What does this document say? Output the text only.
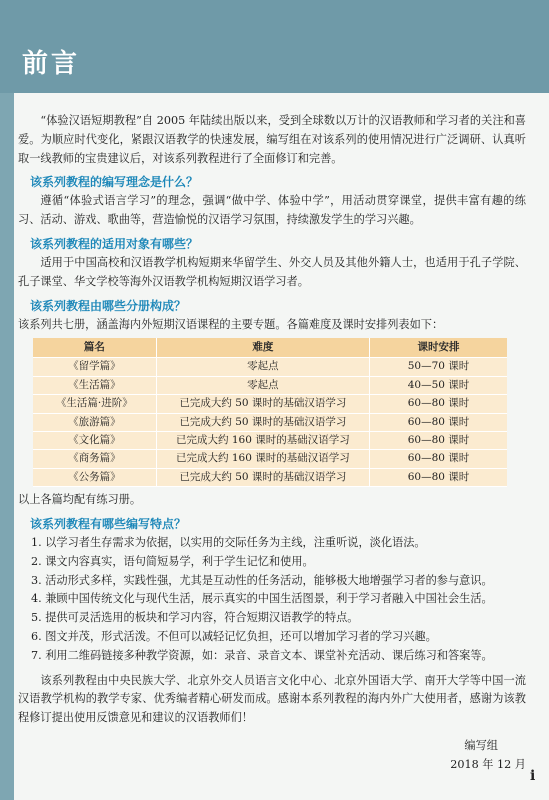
前言

“体验汉语短期教程”自 2005 年陆续出版以来，受到全球数以万计的汉语教师和学习者的关注和喜爱。为顺应时代变化，紧跟汉语教学的快速发展，编写组在对该系列的使用情况进行广泛调研、认真听取一线教师的宝贵建议后，对该系列教程进行了全面修订和完善。

该系列教程的编写理念是什么？

遵循“体验式语言学习”的理念，强调“做中学、体验中学”，用活动贯穿课堂，提供丰富有趣的练习、活动、游戏、歌曲等，营造愉悦的汉语学习氛围，持续激发学生的学习兴趣。

该系列教程的适用对象有哪些？

适用于中国高校和汉语教学机构短期来华留学生、外交人员及其他外籍人士，也适用于孔子学院、孔子课堂、华文学校等海外汉语教学机构短期汉语学习者。

该系列教程由哪些分册构成？

该系列共七册，涵盖海内外短期汉语课程的主要专题。各篇难度及课时安排列表如下：

篇名	难度	课时安排
《留学篇》	零起点	50—70 课时
《生活篇》	零起点	40—50 课时
《生活篇·进阶》	已完成大约 50 课时的基础汉语学习	60—80 课时
《旅游篇》	已完成大约 50 课时的基础汉语学习	60—80 课时
《文化篇》	已完成大约 160 课时的基础汉语学习	60—80 课时
《商务篇》	已完成大约 160 课时的基础汉语学习	60—80 课时
《公务篇》	已完成大约 50 课时的基础汉语学习	60—80 课时

以上各篇均配有练习册。

该系列教程有哪些编写特点？
1. 以学习者生存需求为依据，以实用的交际任务为主线，注重听说，淡化语法。
2. 课文内容真实，语句简短易学，利于学生记忆和使用。
3. 活动形式多样，实践性强，尤其是互动性的任务活动，能够极大地增强学习者的参与意识。
4. 兼顾中国传统文化与现代生活，展示真实的中国生活图景，利于学习者融入中国社会生活。
5. 提供可灵活选用的板块和学习内容，符合短期汉语教学的特点。
6. 图文并茂，形式活泼。不但可以减轻记忆负担，还可以增加学习者的学习兴趣。
7. 利用二维码链接多种教学资源，如：录音、录音文本、课堂补充活动、课后练习和答案等。

该系列教程由中央民族大学、北京外交人员语言文化中心、北京外国语大学、南开大学等中国一流汉语教学机构的教学专家、优秀编者精心研发而成。感谢本系列教程的海内外广大使用者，感谢为该教程修订提出使用反馈意见和建议的汉语教师们！

编写组
2018 年 12 月
i
